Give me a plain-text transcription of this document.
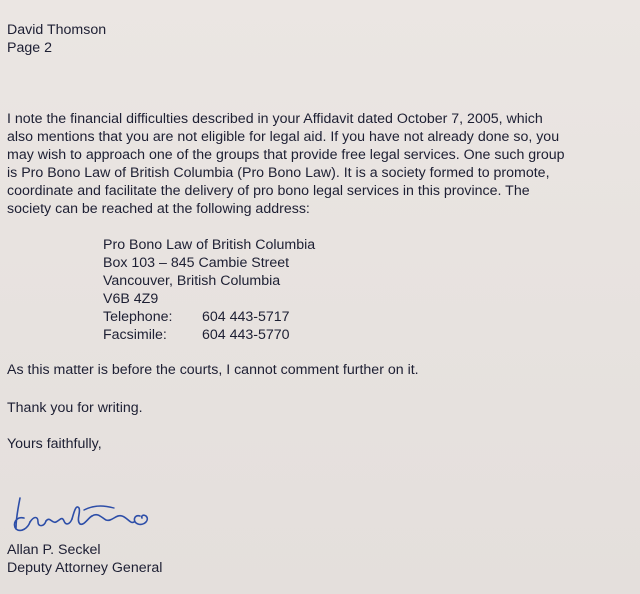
David Thomson
Page 2
I note the financial difficulties described in your Affidavit dated October 7, 2005, which
also mentions that you are not eligible for legal aid. If you have not already done so, you
may wish to approach one of the groups that provide free legal services. One such group
is Pro Bono Law of British Columbia (Pro Bono Law). It is a society formed to promote,
coordinate and facilitate the delivery of pro bono legal services in this province. The
society can be reached at the following address:
Pro Bono Law of British Columbia
Box 103 – 845 Cambie Street
Vancouver, British Columbia
V6B 4Z9
Telephone: 604 443-5717
Facsimile: 604 443-5770
As this matter is before the courts, I cannot comment further on it.
Thank you for writing.
Yours faithfully,
Allan P. Seckel
Deputy Attorney General
